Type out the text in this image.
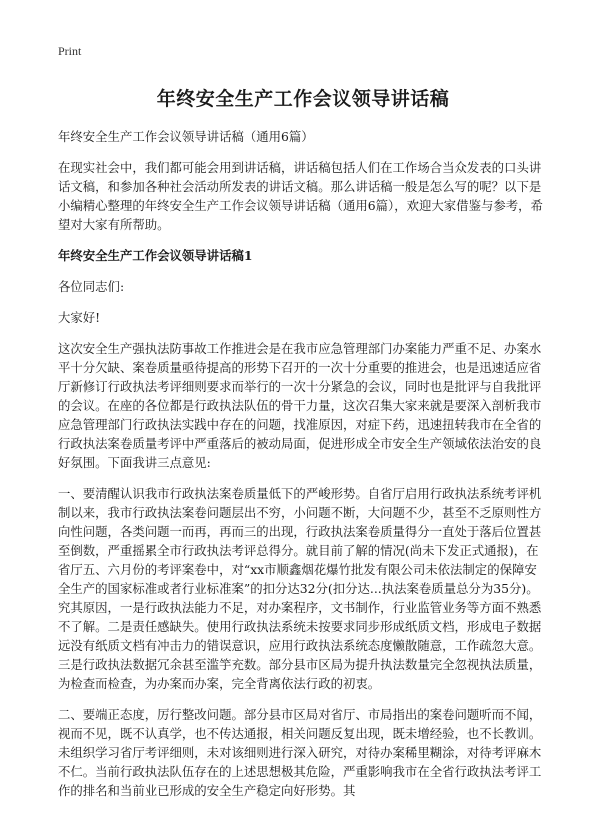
Print
年终安全生产工作会议领导讲话稿

年终安全生产工作会议领导讲话稿（通用6篇）

在现实社会中，我们都可能会用到讲话稿，讲话稿包括人们在工作场合当众发表的口头讲话文稿，和参加各种社会活动所发表的讲话文稿。那么讲话稿一般是怎么写的呢？以下是小编精心整理的年终安全生产工作会议领导讲话稿（通用6篇），欢迎大家借鉴与参考，希望对大家有所帮助。

年终安全生产工作会议领导讲话稿1

各位同志们:

大家好!

这次安全生产强执法防事故工作推进会是在我市应急管理部门办案能力严重不足、办案水平十分欠缺、案卷质量亟待提高的形势下召开的一次十分重要的推进会，也是迅速适应省厅新修订行政执法考评细则要求而举行的一次十分紧急的会议，同时也是批评与自我批评的会议。在座的各位都是行政执法队伍的骨干力量，这次召集大家来就是要深入剖析我市应急管理部门行政执法实践中存在的问题，找准原因，对症下药，迅速扭转我市在全省的行政执法案卷质量考评中严重落后的被动局面，促进形成全市安全生产领域依法治安的良好氛围。下面我讲三点意见:

一、要清醒认识我市行政执法案卷质量低下的严峻形势。自省厅启用行政执法系统考评机制以来，我市行政执法案卷问题层出不穷，小问题不断，大问题不少，甚至不乏原则性方向性问题，各类问题一而再，再而三的出现，行政执法案卷质量得分一直处于落后位置甚至倒数，严重摇累全市行政执法考评总得分。就目前了解的情况(尚未下发正式通报)，在省厅五、六月份的考评案卷中，对“xx市顺鑫烟花爆竹批发有限公司未依法制定的保障安全生产的国家标准或者行业标准案”的扣分达32分(扣分达...执法案卷质量总分为35分)。究其原因，一是行政执法能力不足，对办案程序，文书制作，行业监管业务等方面不熟悉不了解。二是责任感缺失。使用行政执法系统未按要求同步形成纸质文档，形成电子数据远没有纸质文档有冲击力的错误意识，应用行政执法系统态度懒散随意，工作疏忽大意。三是行政执法数据冗余甚至滥竽充数。部分县市区局为提升执法数量完全忽视执法质量，为检查而检查，为办案而办案，完全背离依法行政的初衷。

二、要端正态度，厉行整改问题。部分县市区局对省厅、市局指出的案卷问题听而不闻，视而不见，既不认真学，也不传达通报，相关问题反复出现，既未增经验，也不长教训。未组织学习省厅考评细则，未对该细则进行深入研究，对待办案稀里糊涂，对待考评麻木不仁。当前行政执法队伍存在的上述思想极其危险，严重影响我市在全省行政执法考评工作的排名和当前业已形成的安全生产稳定向好形势。其
